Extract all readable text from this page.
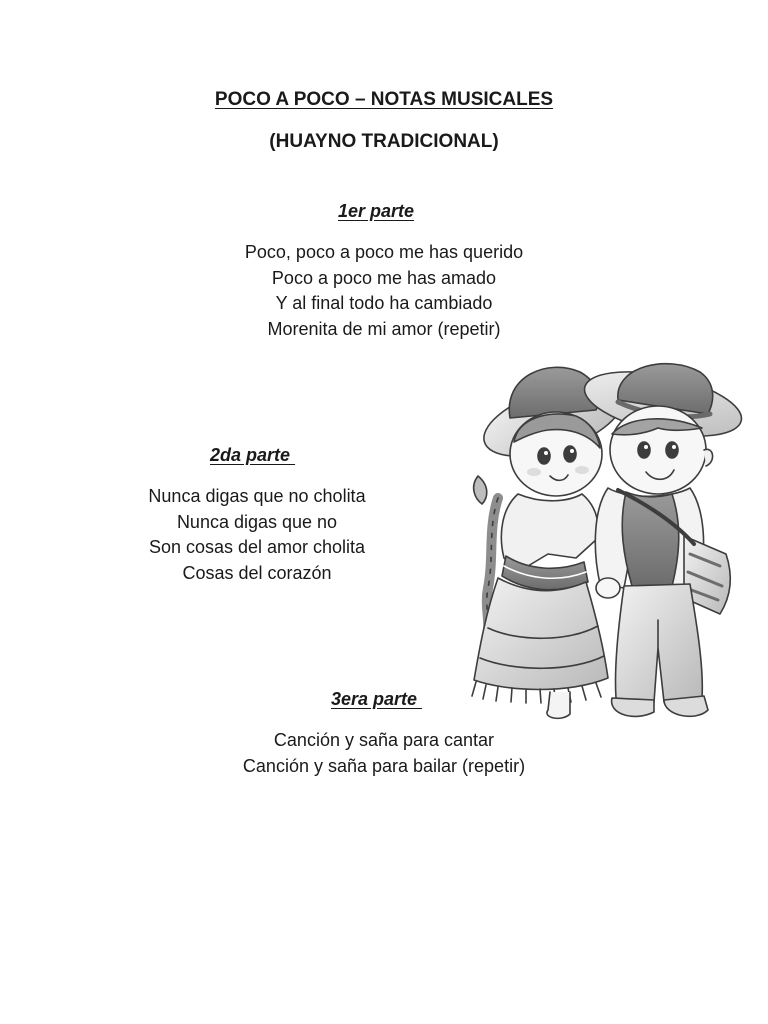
POCO A POCO – NOTAS MUSICALES
(HUAYNO TRADICIONAL)
1er parte
Poco, poco a poco me has querido
Poco a poco me has amado
Y al final todo ha cambiado
Morenita de mi amor (repetir)
2da parte
Nunca digas que no cholita
Nunca digas que no
Son cosas del amor cholita
Cosas del corazón
3era parte
Canción y saña para cantar
Canción y saña para bailar (repetir)
